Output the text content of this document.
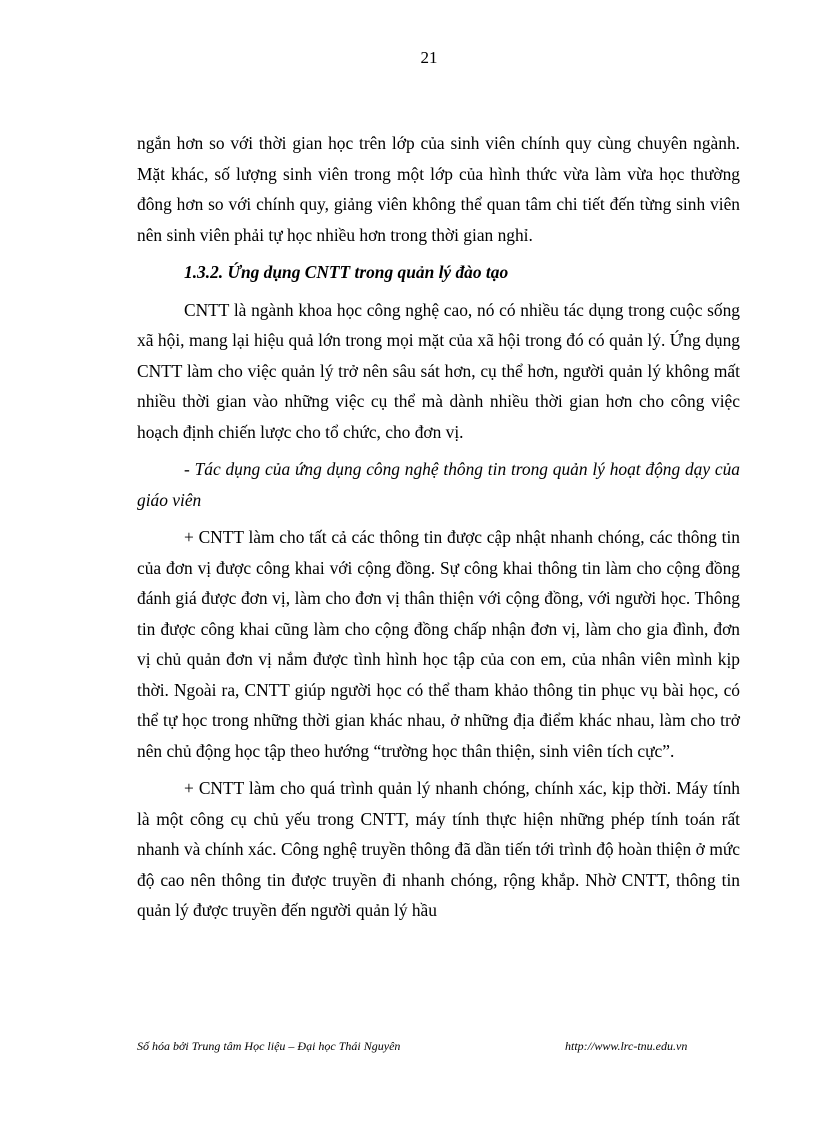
21

ngắn hơn so với thời gian học trên lớp của sinh viên chính quy cùng chuyên ngành. Mặt khác, số lượng sinh viên trong một lớp của hình thức vừa làm vừa học thường đông hơn so với chính quy, giảng viên không thể quan tâm chi tiết đến từng sinh viên nên sinh viên phải tự học nhiều hơn trong thời gian nghỉ.

1.3.2. Ứng dụng CNTT trong quản lý đào tạo

CNTT là ngành khoa học công nghệ cao, nó có nhiều tác dụng trong cuộc sống xã hội, mang lại hiệu quả lớn trong mọi mặt của xã hội trong đó có quản lý. Ứng dụng CNTT làm cho việc quản lý trở nên sâu sát hơn, cụ thể hơn, người quản lý không mất nhiều thời gian vào những việc cụ thể mà dành nhiều thời gian hơn cho công việc hoạch định chiến lược cho tổ chức, cho đơn vị.

- Tác dụng của ứng dụng công nghệ thông tin trong quản lý hoạt động dạy của giáo viên

+ CNTT làm cho tất cả các thông tin được cập nhật nhanh chóng, các thông tin của đơn vị được công khai với cộng đồng. Sự công khai thông tin làm cho cộng đồng đánh giá được đơn vị, làm cho đơn vị thân thiện với cộng đồng, với người học. Thông tin được công khai cũng làm cho cộng đồng chấp nhận đơn vị, làm cho gia đình, đơn vị chủ quản đơn vị nắm được tình hình học tập của con em, của nhân viên mình kịp thời. Ngoài ra, CNTT giúp người học có thể tham khảo thông tin phục vụ bài học, có thể tự học trong những thời gian khác nhau, ở những địa điểm khác nhau, làm cho trở nên chủ động học tập theo hướng “trường học thân thiện, sinh viên tích cực”.

+ CNTT làm cho quá trình quản lý nhanh chóng, chính xác, kịp thời. Máy tính là một công cụ chủ yếu trong CNTT, máy tính thực hiện những phép tính toán rất nhanh và chính xác. Công nghệ truyền thông đã dần tiến tới trình độ hoàn thiện ở mức độ cao nên thông tin được truyền đi nhanh chóng, rộng khắp. Nhờ CNTT, thông tin quản lý được truyền đến người quản lý hầu

Số hóa bởi Trung tâm Học liệu – Đại học Thái Nguyên	http://www.lrc-tnu.edu.vn
